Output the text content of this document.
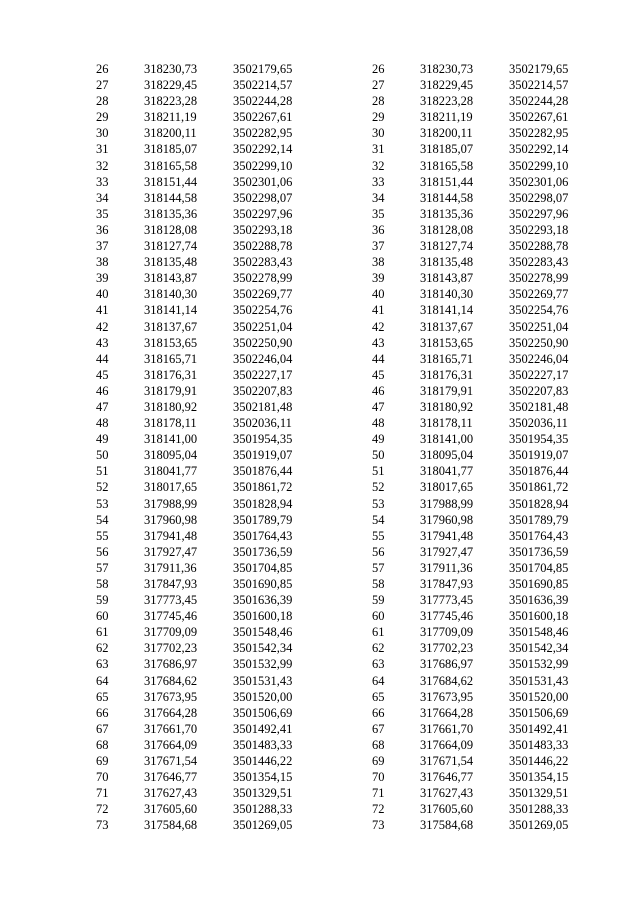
26	318230,73	3502179,65
27	318229,45	3502214,57
28	318223,28	3502244,28
29	318211,19	3502267,61
30	318200,11	3502282,95
31	318185,07	3502292,14
32	318165,58	3502299,10
33	318151,44	3502301,06
34	318144,58	3502298,07
35	318135,36	3502297,96
36	318128,08	3502293,18
37	318127,74	3502288,78
38	318135,48	3502283,43
39	318143,87	3502278,99
40	318140,30	3502269,77
41	318141,14	3502254,76
42	318137,67	3502251,04
43	318153,65	3502250,90
44	318165,71	3502246,04
45	318176,31	3502227,17
46	318179,91	3502207,83
47	318180,92	3502181,48
48	318178,11	3502036,11
49	318141,00	3501954,35
50	318095,04	3501919,07
51	318041,77	3501876,44
52	318017,65	3501861,72
53	317988,99	3501828,94
54	317960,98	3501789,79
55	317941,48	3501764,43
56	317927,47	3501736,59
57	317911,36	3501704,85
58	317847,93	3501690,85
59	317773,45	3501636,39
60	317745,46	3501600,18
61	317709,09	3501548,46
62	317702,23	3501542,34
63	317686,97	3501532,99
64	317684,62	3501531,43
65	317673,95	3501520,00
66	317664,28	3501506,69
67	317661,70	3501492,41
68	317664,09	3501483,33
69	317671,54	3501446,22
70	317646,77	3501354,15
71	317627,43	3501329,51
72	317605,60	3501288,33
73	317584,68	3501269,05
26	318230,73	3502179,65
27	318229,45	3502214,57
28	318223,28	3502244,28
29	318211,19	3502267,61
30	318200,11	3502282,95
31	318185,07	3502292,14
32	318165,58	3502299,10
33	318151,44	3502301,06
34	318144,58	3502298,07
35	318135,36	3502297,96
36	318128,08	3502293,18
37	318127,74	3502288,78
38	318135,48	3502283,43
39	318143,87	3502278,99
40	318140,30	3502269,77
41	318141,14	3502254,76
42	318137,67	3502251,04
43	318153,65	3502250,90
44	318165,71	3502246,04
45	318176,31	3502227,17
46	318179,91	3502207,83
47	318180,92	3502181,48
48	318178,11	3502036,11
49	318141,00	3501954,35
50	318095,04	3501919,07
51	318041,77	3501876,44
52	318017,65	3501861,72
53	317988,99	3501828,94
54	317960,98	3501789,79
55	317941,48	3501764,43
56	317927,47	3501736,59
57	317911,36	3501704,85
58	317847,93	3501690,85
59	317773,45	3501636,39
60	317745,46	3501600,18
61	317709,09	3501548,46
62	317702,23	3501542,34
63	317686,97	3501532,99
64	317684,62	3501531,43
65	317673,95	3501520,00
66	317664,28	3501506,69
67	317661,70	3501492,41
68	317664,09	3501483,33
69	317671,54	3501446,22
70	317646,77	3501354,15
71	317627,43	3501329,51
72	317605,60	3501288,33
73	317584,68	3501269,05
